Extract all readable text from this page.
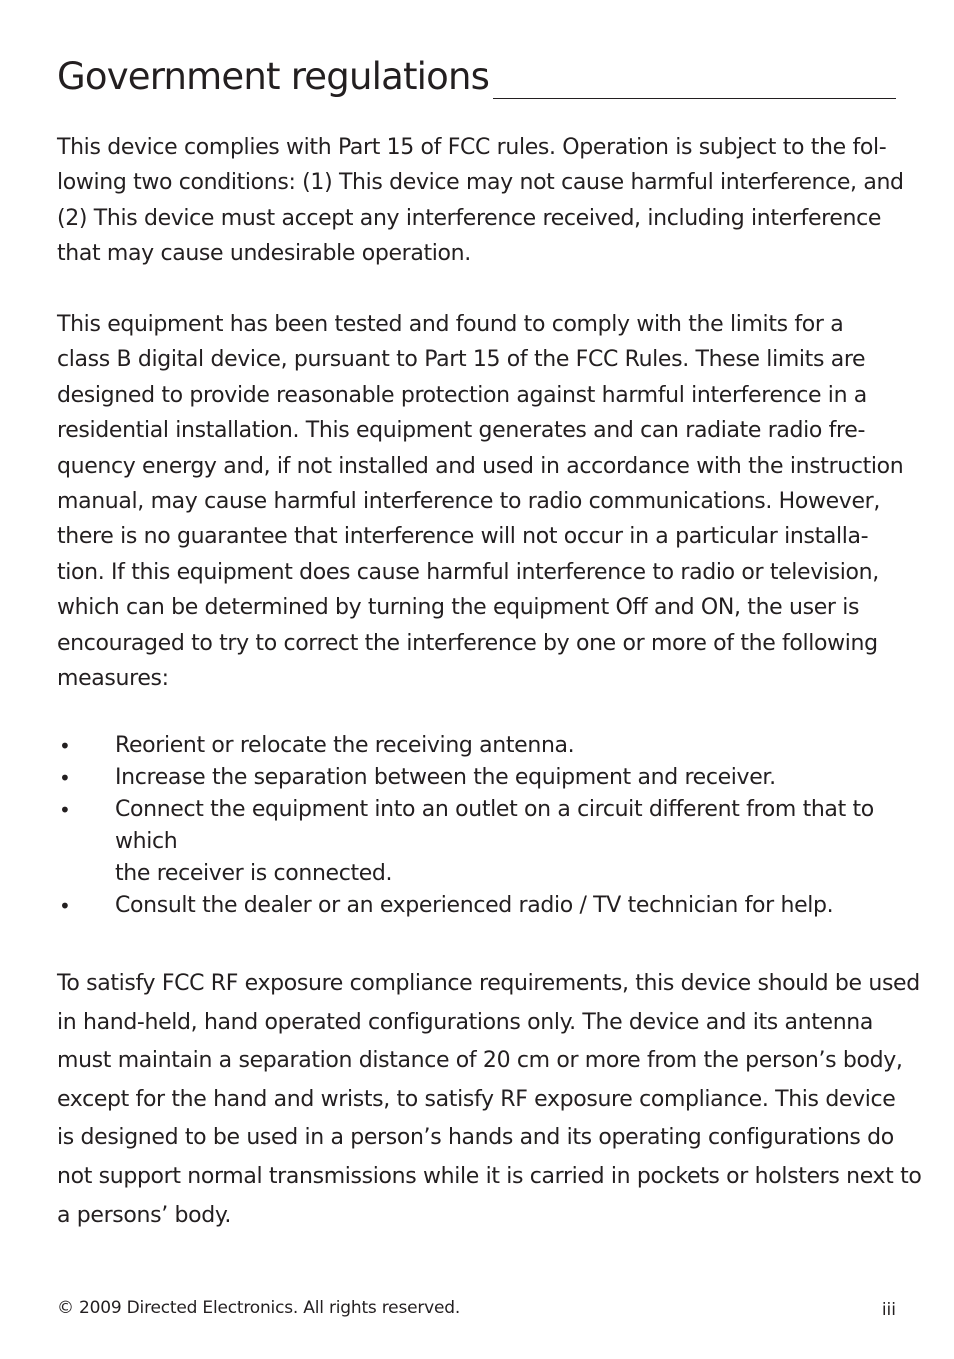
Government regulations

This device complies with Part 15 of FCC rules. Operation is subject to the fol-
lowing two conditions: (1) This device may not cause harmful interference, and
(2) This device must accept any interference received, including interference
that may cause undesirable operation.

This equipment has been tested and found to comply with the limits for a
class B digital device, pursuant to Part 15 of the FCC Rules. These limits are
designed to provide reasonable protection against harmful interference in a
residential installation. This equipment generates and can radiate radio fre-
quency energy and, if not installed and used in accordance with the instruction
manual, may cause harmful interference to radio communications. However,
there is no guarantee that interference will not occur in a particular installa-
tion. If this equipment does cause harmful interference to radio or television,
which can be determined by turning the equipment Off and ON, the user is
encouraged to try to correct the interference by one or more of the following
measures:

• Reorient or relocate the receiving antenna.
• Increase the separation between the equipment and receiver.
• Connect the equipment into an outlet on a circuit different from that to
which
the receiver is connected.
• Consult the dealer or an experienced radio / TV technician for help.

To satisfy FCC RF exposure compliance requirements, this device should be used
in hand-held, hand operated configurations only. The device and its antenna
must maintain a separation distance of 20 cm or more from the person’s body,
except for the hand and wrists, to satisfy RF exposure compliance. This device
is designed to be used in a person’s hands and its operating configurations do
not support normal transmissions while it is carried in pockets or holsters next to
a persons’ body.

© 2009 Directed Electronics. All rights reserved.	iii
